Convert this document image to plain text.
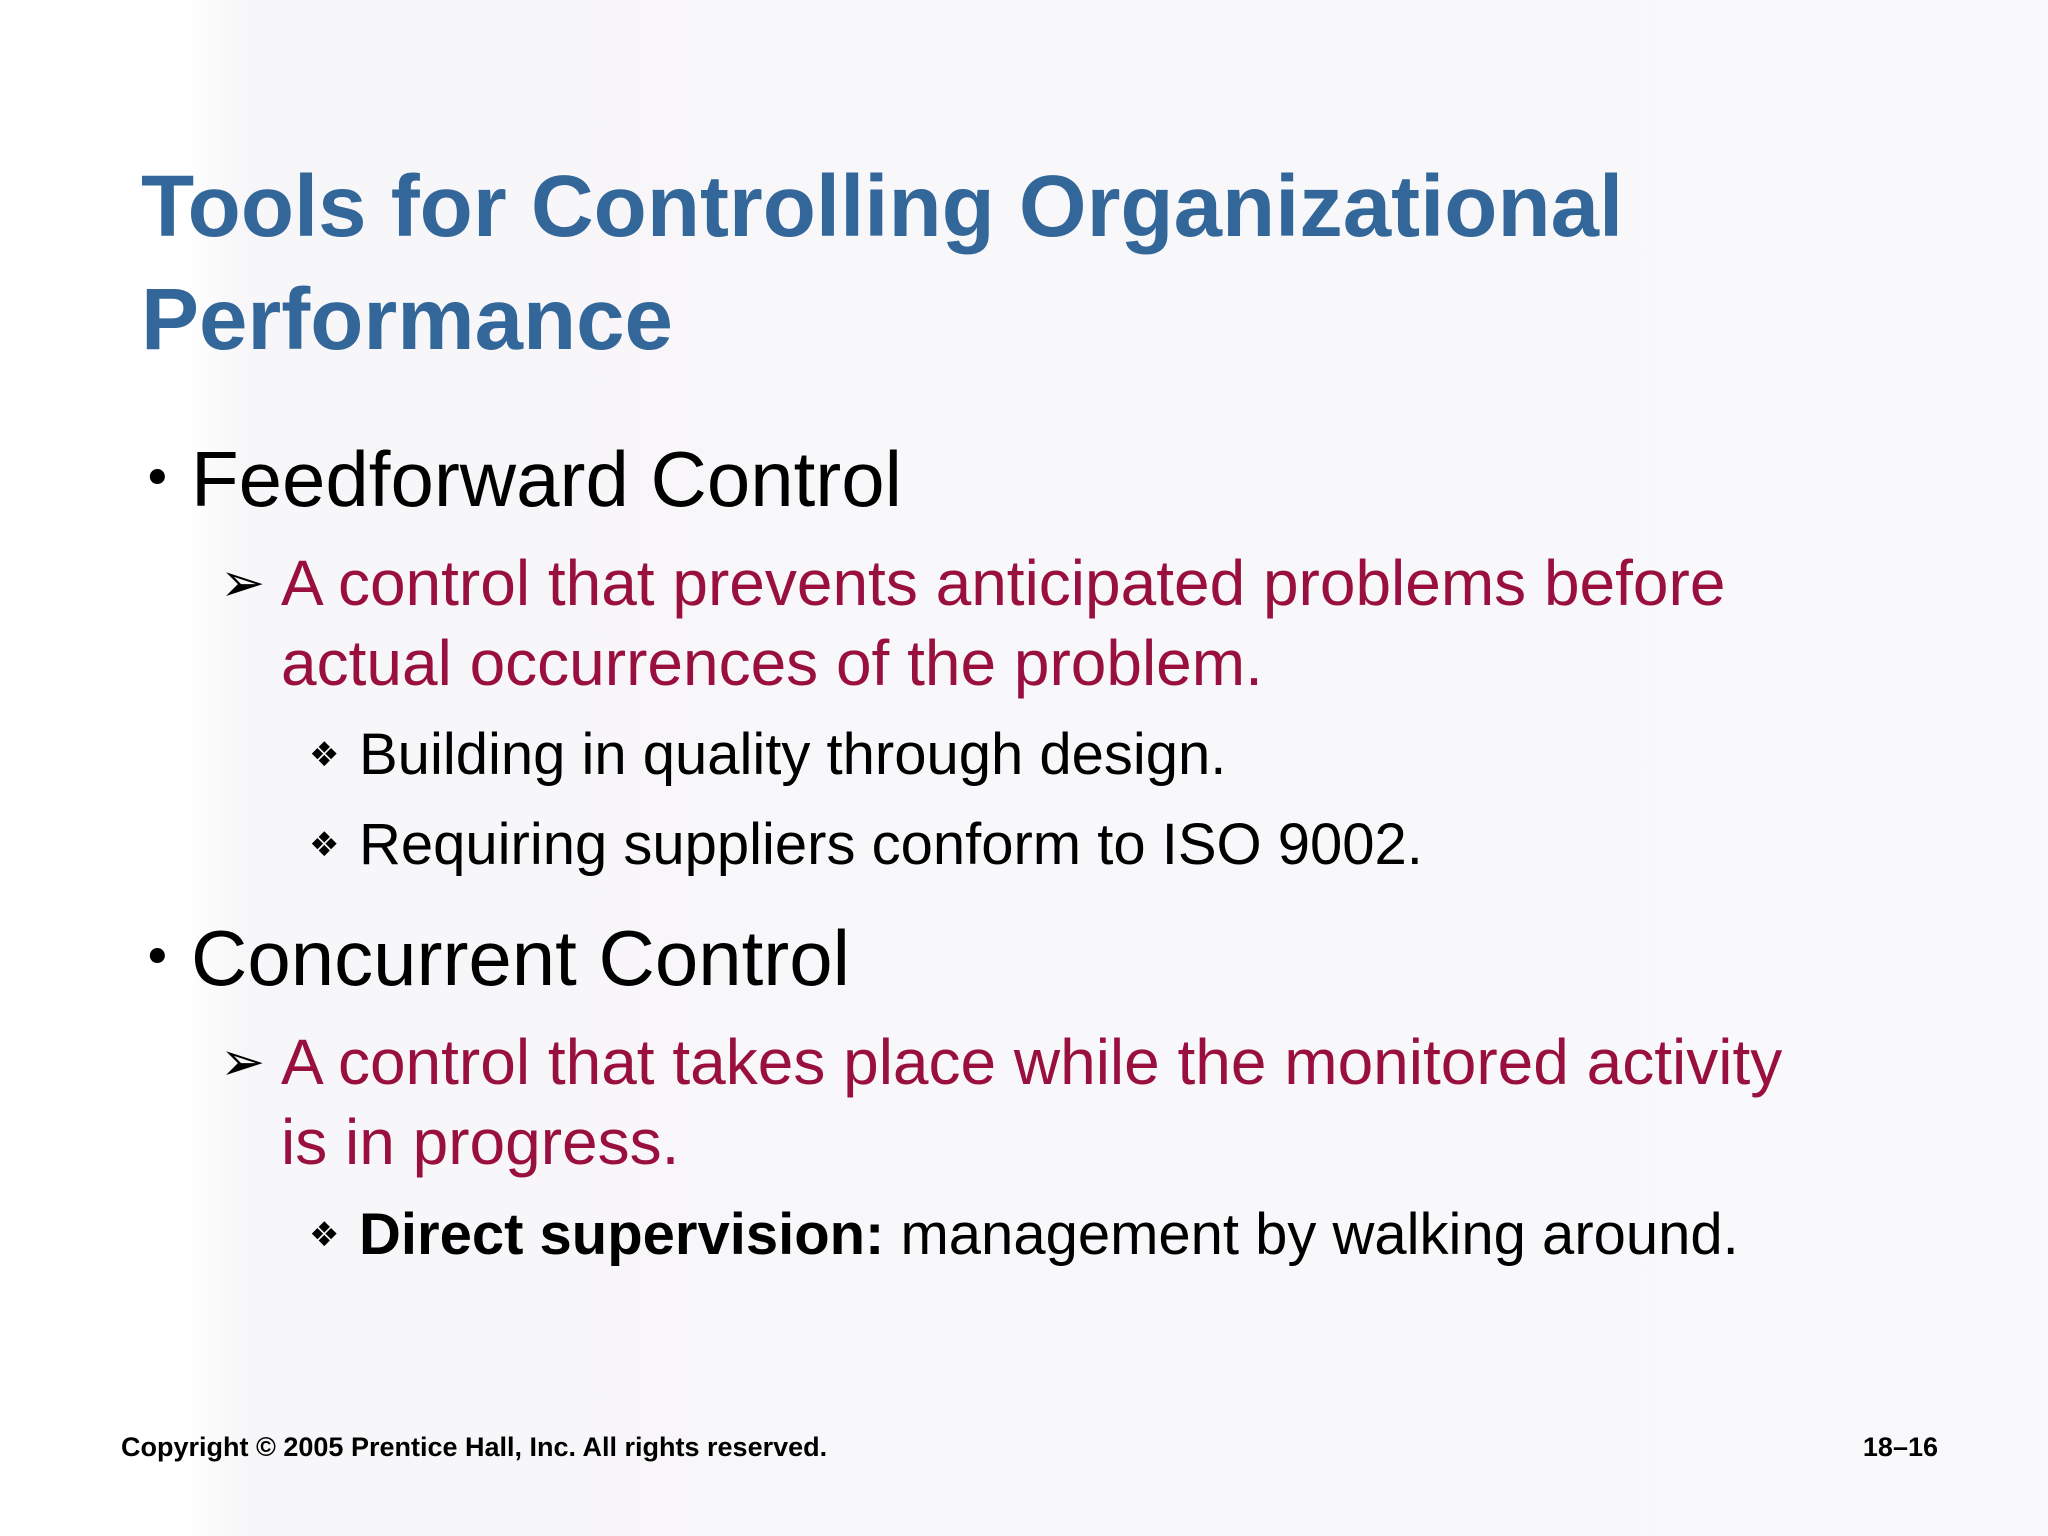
Tools for Controlling Organizational
Performance
• Feedforward Control
➢ A control that prevents anticipated problems before
actual occurrences of the problem.
❖ Building in quality through design.
❖ Requiring suppliers conform to ISO 9002.
• Concurrent Control
➢ A control that takes place while the monitored activity
is in progress.
❖ Direct supervision: management by walking around.
Copyright © 2005 Prentice Hall, Inc. All rights reserved.	18–16
